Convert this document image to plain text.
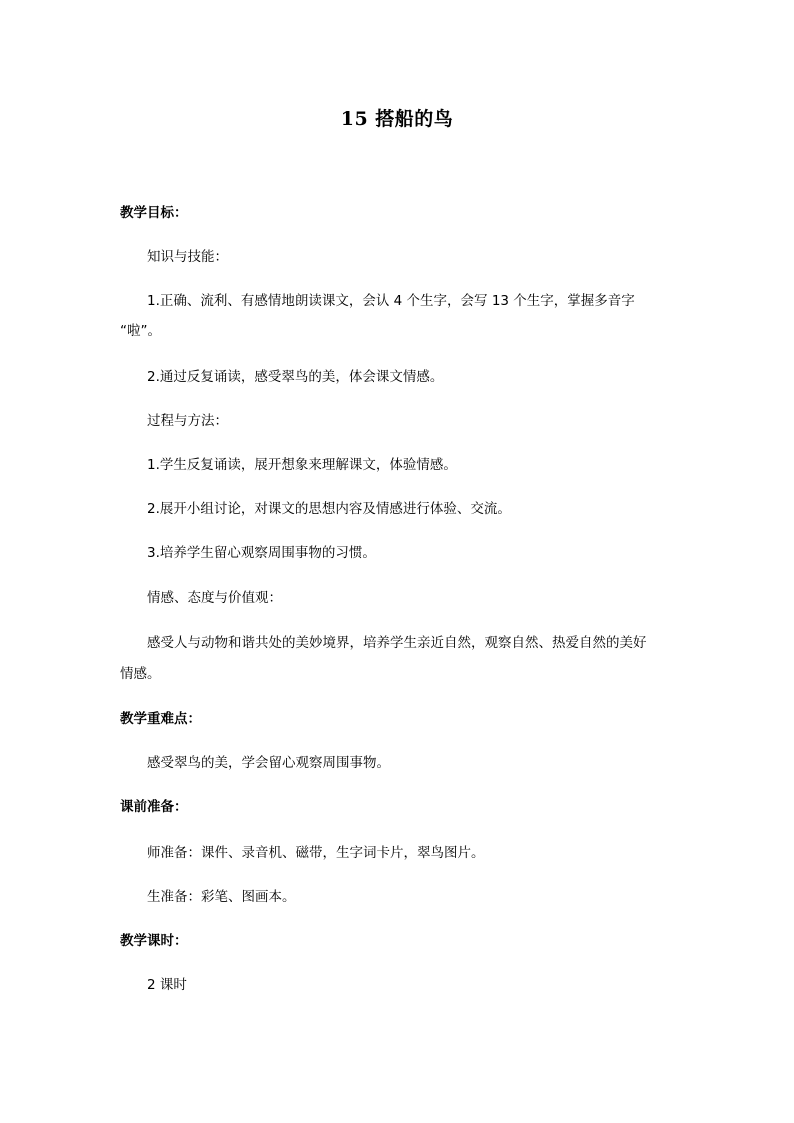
15 搭船的鸟
教学目标：
知识与技能：
1.正确、流利、有感情地朗读课文，会认 4 个生字，会写 13 个生字，掌握多音字
“啦”。
2.通过反复诵读，感受翠鸟的美，体会课文情感。
过程与方法：
1.学生反复诵读，展开想象来理解课文，体验情感。
2.展开小组讨论，对课文的思想内容及情感进行体验、交流。
3.培养学生留心观察周围事物的习惯。
情感、态度与价值观：
感受人与动物和谐共处的美妙境界，培养学生亲近自然，观察自然、热爱自然的美好
情感。
教学重难点：
感受翠鸟的美，学会留心观察周围事物。
课前准备：
师准备：课件、录音机、磁带，生字词卡片，翠鸟图片。
生准备：彩笔、图画本。
教学课时：
2 课时
